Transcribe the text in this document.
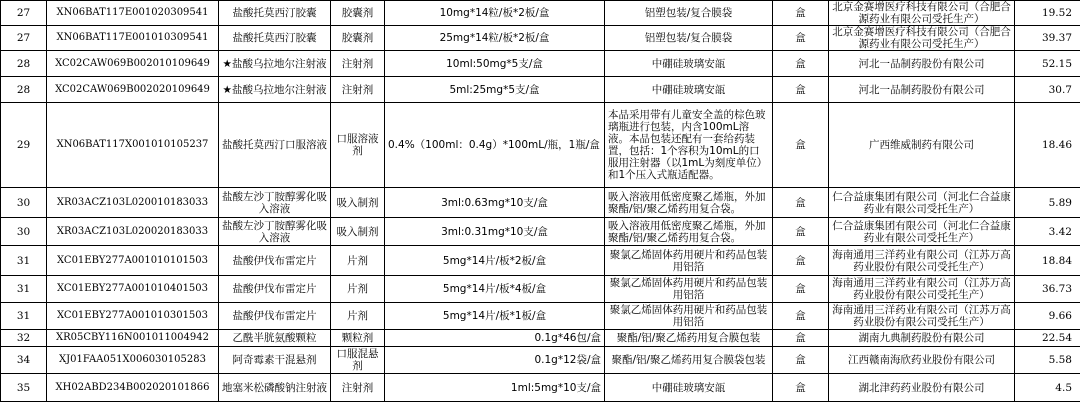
27	XN06BAT117E001020309541	盐酸托莫西汀胶囊	胶囊剂	10mg*14粒/板*2板/盒	铝塑包装/复合膜袋	盒	北京金赛增医疗科技有限公司（合肥合源药业有限公司受托生产）	19.52
27	XN06BAT117E001010309541	盐酸托莫西汀胶囊	胶囊剂	25mg*14粒/板*2板/盒	铝塑包装/复合膜袋	盒	北京金赛增医疗科技有限公司（合肥合源药业有限公司受托生产）	39.37
28	XC02CAW069B002010109649	★盐酸乌拉地尔注射液	注射剂	10ml:50mg*5支/盒	中硼硅玻璃安瓿	盒	河北一品制药股份有限公司	52.15
28	XC02CAW069B002020109649	★盐酸乌拉地尔注射液	注射剂	5ml:25mg*5支/盒	中硼硅玻璃安瓿	盒	河北一品制药股份有限公司	30.7
29	XN06BAT117X001010105237	盐酸托莫西汀口服溶液	口服溶液剂	0.4%（100ml：0.4g）*100mL/瓶，1瓶/盒	本品采用带有儿童安全盖的棕色玻璃瓶进行包装，内含100mL溶液。本品包装还配有一套给药装置，包括：1个容积为10mL的口服用注射器（以1mL为刻度单位）和1个压入式瓶适配器。	盒	广西维威制药有限公司	18.46
30	XR03ACZ103L020010183033	盐酸左沙丁胺醇雾化吸入溶液	吸入制剂	3ml:0.63mg*10支/盒	吸入溶液用低密度聚乙烯瓶，外加聚酯/铝/聚乙烯药用复合袋。	盒	仁合益康集团有限公司（河北仁合益康药业有限公司受托生产）	5.89
30	XR03ACZ103L020020183033	盐酸左沙丁胺醇雾化吸入溶液	吸入制剂	3ml:0.31mg*10支/盒	吸入溶液用低密度聚乙烯瓶，外加聚酯/铝/聚乙烯药用复合袋。	盒	仁合益康集团有限公司（河北仁合益康药业有限公司受托生产）	3.42
31	XC01EBY277A001010101503	盐酸伊伐布雷定片	片剂	5mg*14片/板*2板/盒	聚氯乙烯固体药用硬片和药品包装用铝箔	盒	海南通用三洋药业有限公司（江苏万高药业股份有限公司受托生产）	18.84
31	XC01EBY277A001010401503	盐酸伊伐布雷定片	片剂	5mg*14片/板*4板/盒	聚氯乙烯固体药用硬片和药品包装用铝箔	盒	海南通用三洋药业有限公司（江苏万高药业股份有限公司受托生产）	36.73
31	XC01EBY277A001010301503	盐酸伊伐布雷定片	片剂	5mg*14片/板*1板/盒	聚氯乙烯固体药用硬片和药品包装用铝箔	盒	海南通用三洋药业有限公司（江苏万高药业股份有限公司受托生产）	9.66
32	XR05CBY116N001011004942	乙酰半胱氨酸颗粒	颗粒剂	0.1g*46包/盒	聚酯/铝/聚乙烯药用复合膜包装	盒	湖南九典制药股份有限公司	22.54
34	XJ01FAA051X006030105283	阿奇霉素干混悬剂	口服混悬剂	0.1g*12袋/盒	聚酯/铝/聚乙烯药用复合膜袋包装	盒	江西赣南海欣药业股份有限公司	5.58
35	XH02ABD234B002020101866	地塞米松磷酸钠注射液	注射剂	1ml:5mg*10支/盒	中硼硅玻璃安瓿	盒	湖北津药药业股份有限公司	4.5
